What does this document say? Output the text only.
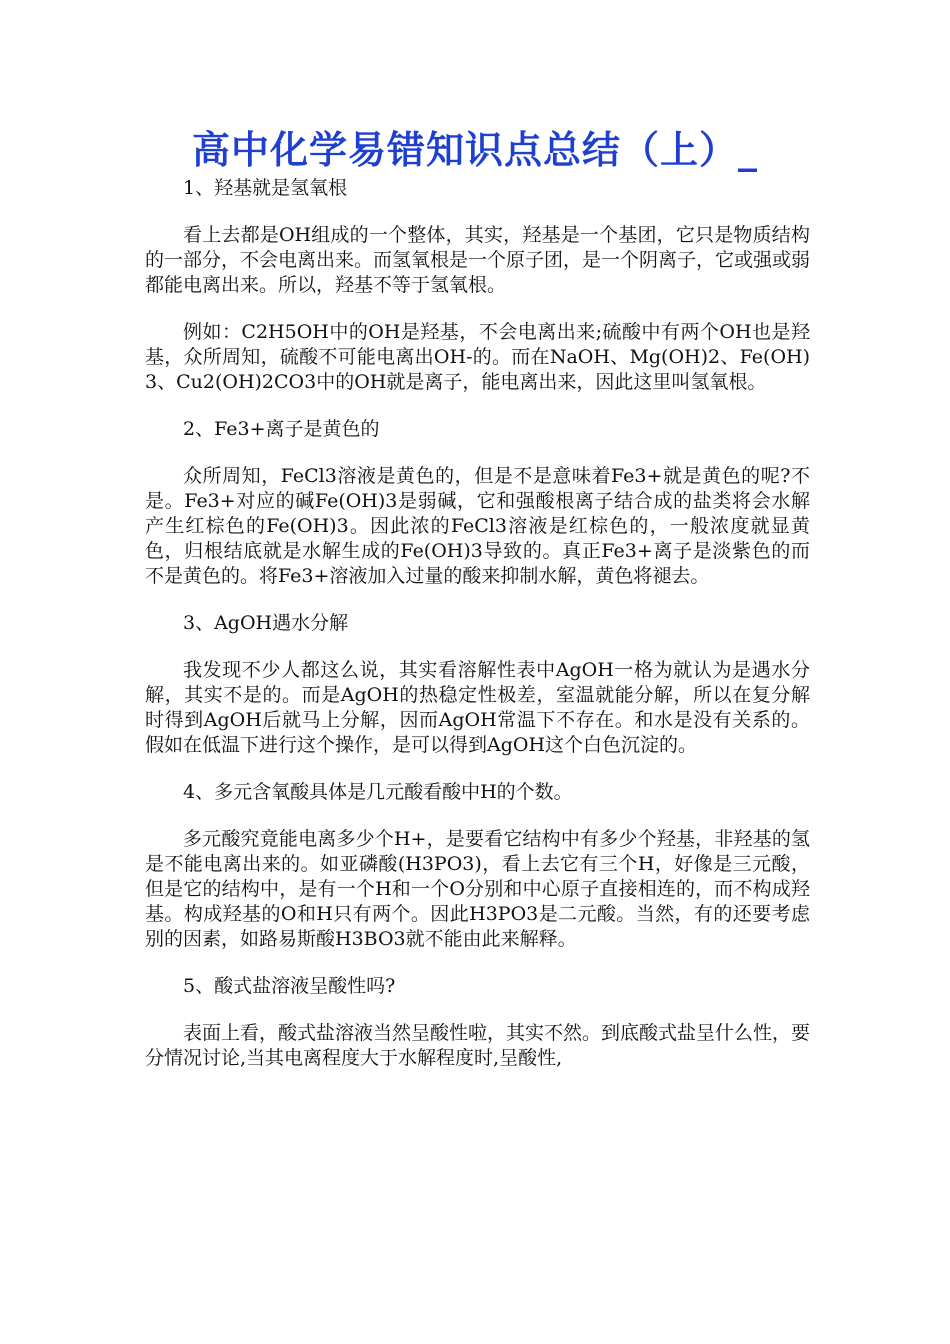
高中化学易错知识点总结（上）_

1、羟基就是氢氧根

看上去都是OH组成的一个整体，其实，羟基是一个基团，它只是物质结构的一部分，不会电离出来。而氢氧根是一个原子团，是一个阴离子，它或强或弱都能电离出来。所以，羟基不等于氢氧根。

例如：C2H5OH中的OH是羟基，不会电离出来;硫酸中有两个OH也是羟基，众所周知，硫酸不可能电离出OH-的。而在NaOH、Mg(OH)2、Fe(OH)3、Cu2(OH)2CO3中的OH就是离子，能电离出来，因此这里叫氢氧根。

2、Fe3+离子是黄色的

众所周知，FeCl3溶液是黄色的，但是不是意味着Fe3+就是黄色的呢?不是。Fe3+对应的碱Fe(OH)3是弱碱，它和强酸根离子结合成的盐类将会水解产生红棕色的Fe(OH)3。因此浓的FeCl3溶液是红棕色的，一般浓度就显黄色，归根结底就是水解生成的Fe(OH)3导致的。真正Fe3+离子是淡紫色的而不是黄色的。将Fe3+溶液加入过量的酸来抑制水解，黄色将褪去。

3、AgOH遇水分解

我发现不少人都这么说，其实看溶解性表中AgOH一格为就认为是遇水分解，其实不是的。而是AgOH的热稳定性极差，室温就能分解，所以在复分解时得到AgOH后就马上分解，因而AgOH常温下不存在。和水是没有关系的。假如在低温下进行这个操作，是可以得到AgOH这个白色沉淀的。

4、多元含氧酸具体是几元酸看酸中H的个数。

多元酸究竟能电离多少个H+，是要看它结构中有多少个羟基，非羟基的氢是不能电离出来的。如亚磷酸(H3PO3)，看上去它有三个H，好像是三元酸，但是它的结构中，是有一个H和一个O分别和中心原子直接相连的，而不构成羟基。构成羟基的O和H只有两个。因此H3PO3是二元酸。当然，有的还要考虑别的因素，如路易斯酸H3BO3就不能由此来解释。

5、酸式盐溶液呈酸性吗?

表面上看，酸式盐溶液当然呈酸性啦，其实不然。到底酸式盐呈什么性，要分情况讨论,当其电离程度大于水解程度时,呈酸性,
